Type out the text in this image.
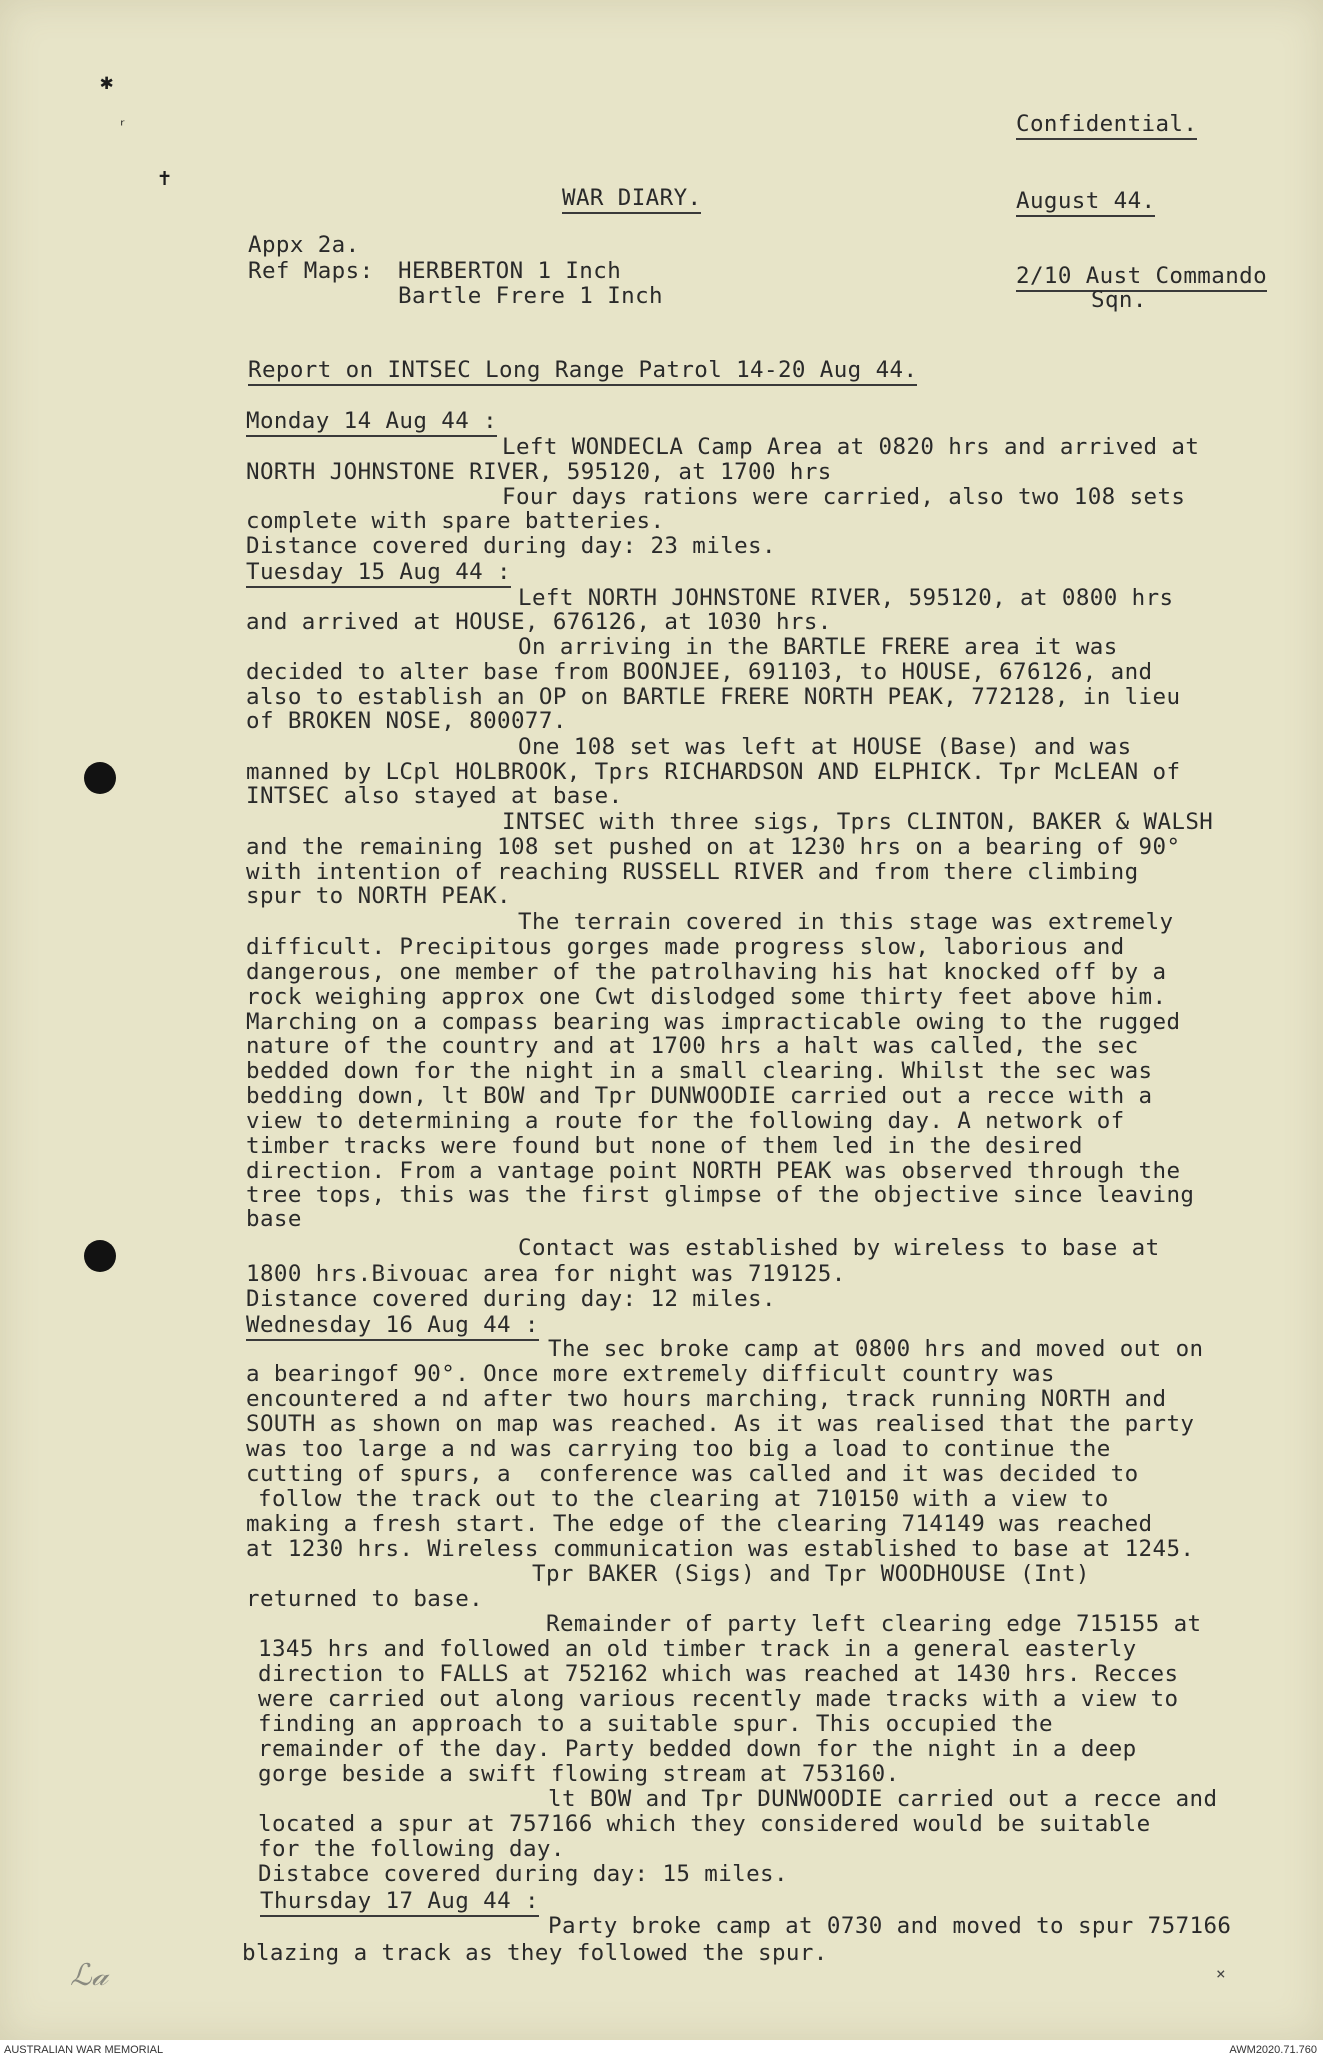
✱
ʳ
✝
Confidential.
WAR DIARY.	August 44.
Appx 2a.
Ref Maps: HERBERTON 1 Inch
Bartle Frere 1 Inch
2/10 Aust Commando
Sqn.
Report on INTSEC Long Range Patrol 14-20 Aug 44.
Monday 14 Aug 44 :
Tuesday 15 Aug 44 :
Wednesday 16 Aug 44 :
Thursday 17 Aug 44 :
Left WONDECLA Camp Area at 0820 hrs and arrived at
NORTH JOHNSTONE RIVER, 595120, at 1700 hrs
Four days rations were carried, also two 108 sets
complete with spare batteries.
Distance covered during day: 23 miles.
Left NORTH JOHNSTONE RIVER, 595120, at 0800 hrs
and arrived at HOUSE, 676126, at 1030 hrs.
On arriving in the BARTLE FRERE area it was
decided to alter base from BOONJEE, 691103, to HOUSE, 676126, and
also to establish an OP on BARTLE FRERE NORTH PEAK, 772128, in lieu
of BROKEN NOSE, 800077.
One 108 set was left at HOUSE (Base) and was
manned by LCpl HOLBROOK, Tprs RICHARDSON AND ELPHICK. Tpr McLEAN of
INTSEC also stayed at base.
INTSEC with three sigs, Tprs CLINTON, BAKER & WALSH
and the remaining 108 set pushed on at 1230 hrs on a bearing of 90°
with intention of reaching RUSSELL RIVER and from there climbing
spur to NORTH PEAK.
The terrain covered in this stage was extremely
difficult. Precipitous gorges made progress slow, laborious and
dangerous, one member of the patrolhaving his hat knocked off by a
rock weighing approx one Cwt dislodged some thirty feet above him.
Marching on a compass bearing was impracticable owing to the rugged
nature of the country and at 1700 hrs a halt was called, the sec
bedded down for the night in a small clearing. Whilst the sec was
bedding down, lt BOW and Tpr DUNWOODIE carried out a recce with a
view to determining a route for the following day. A network of
timber tracks were found but none of them led in the desired
direction. From a vantage point NORTH PEAK was observed through the
tree tops, this was the first glimpse of the objective since leaving
base
Contact was established by wireless to base at
1800 hrs.Bivouac area for night was 719125.
Distance covered during day: 12 miles.
The sec broke camp at 0800 hrs and moved out on
a bearingof 90°. Once more extremely difficult country was
encountered a nd after two hours marching, track running NORTH and
SOUTH as shown on map was reached. As it was realised that the party
was too large a nd was carrying too big a load to continue the
cutting of spurs, a  conference was called and it was decided to
follow the track out to the clearing at 710150 with a view to
making a fresh start. The edge of the clearing 714149 was reached
at 1230 hrs. Wireless communication was established to base at 1245.
Tpr BAKER (Sigs) and Tpr WOODHOUSE (Int)
returned to base.
Remainder of party left clearing edge 715155 at
1345 hrs and followed an old timber track in a general easterly
direction to FALLS at 752162 which was reached at 1430 hrs. Recces
were carried out along various recently made tracks with a view to
finding an approach to a suitable spur. This occupied the
remainder of the day. Party bedded down for the night in a deep
gorge beside a swift flowing stream at 753160.
lt BOW and Tpr DUNWOODIE carried out a recce and
located a spur at 757166 which they considered would be suitable
for the following day.
Distabce covered during day: 15 miles.
Party broke camp at 0730 and moved to spur 757166
blazing a track as they followed the spur.
ℒ𝒶	×
AUSTRALIAN WAR MEMORIAL	AWM2020.71.760
